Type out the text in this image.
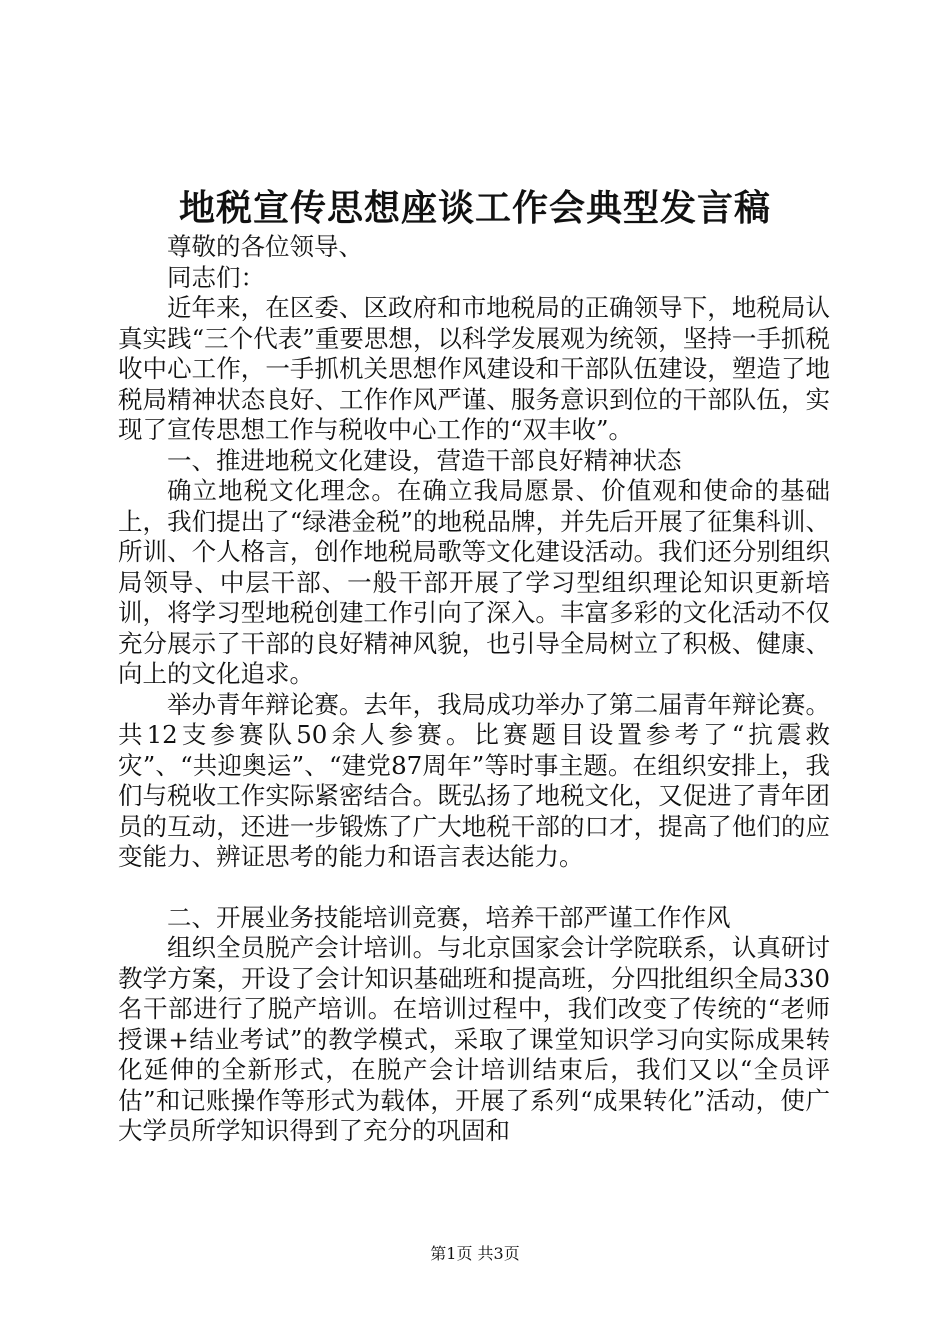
地税宣传思想座谈工作会典型发言稿

尊敬的各位领导、

同志们：

近年来，在区委、区政府和市地税局的正确领导下，地税局认真实践“三个代表”重要思想，以科学发展观为统领，坚持一手抓税收中心工作，一手抓机关思想作风建设和干部队伍建设，塑造了地税局精神状态良好、工作作风严谨、服务意识到位的干部队伍，实现了宣传思想工作与税收中心工作的“双丰收”。

一、推进地税文化建设，营造干部良好精神状态

确立地税文化理念。在确立我局愿景、价值观和使命的基础上，我们提出了“绿港金税”的地税品牌，并先后开展了征集科训、所训、个人格言，创作地税局歌等文化建设活动。我们还分别组织局领导、中层干部、一般干部开展了学习型组织理论知识更新培训，将学习型地税创建工作引向了深入。丰富多彩的文化活动不仅充分展示了干部的良好精神风貌，也引导全局树立了积极、健康、向上的文化追求。

举办青年辩论赛。去年，我局成功举办了第二届青年辩论赛。共12支参赛队50余人参赛。比赛题目设置参考了“抗震救灾”、“共迎奥运”、“建党87周年”等时事主题。在组织安排上，我们与税收工作实际紧密结合。既弘扬了地税文化，又促进了青年团员的互动，还进一步锻炼了广大地税干部的口才，提高了他们的应变能力、辨证思考的能力和语言表达能力。

二、开展业务技能培训竞赛，培养干部严谨工作作风

组织全员脱产会计培训。与北京国家会计学院联系，认真研讨教学方案，开设了会计知识基础班和提高班，分四批组织全局330名干部进行了脱产培训。在培训过程中，我们改变了传统的“老师授课+结业考试”的教学模式，采取了课堂知识学习向实际成果转化延伸的全新形式，在脱产会计培训结束后，我们又以“全员评估”和记账操作等形式为载体，开展了系列“成果转化”活动，使广大学员所学知识得到了充分的巩固和

第1页 共3页
